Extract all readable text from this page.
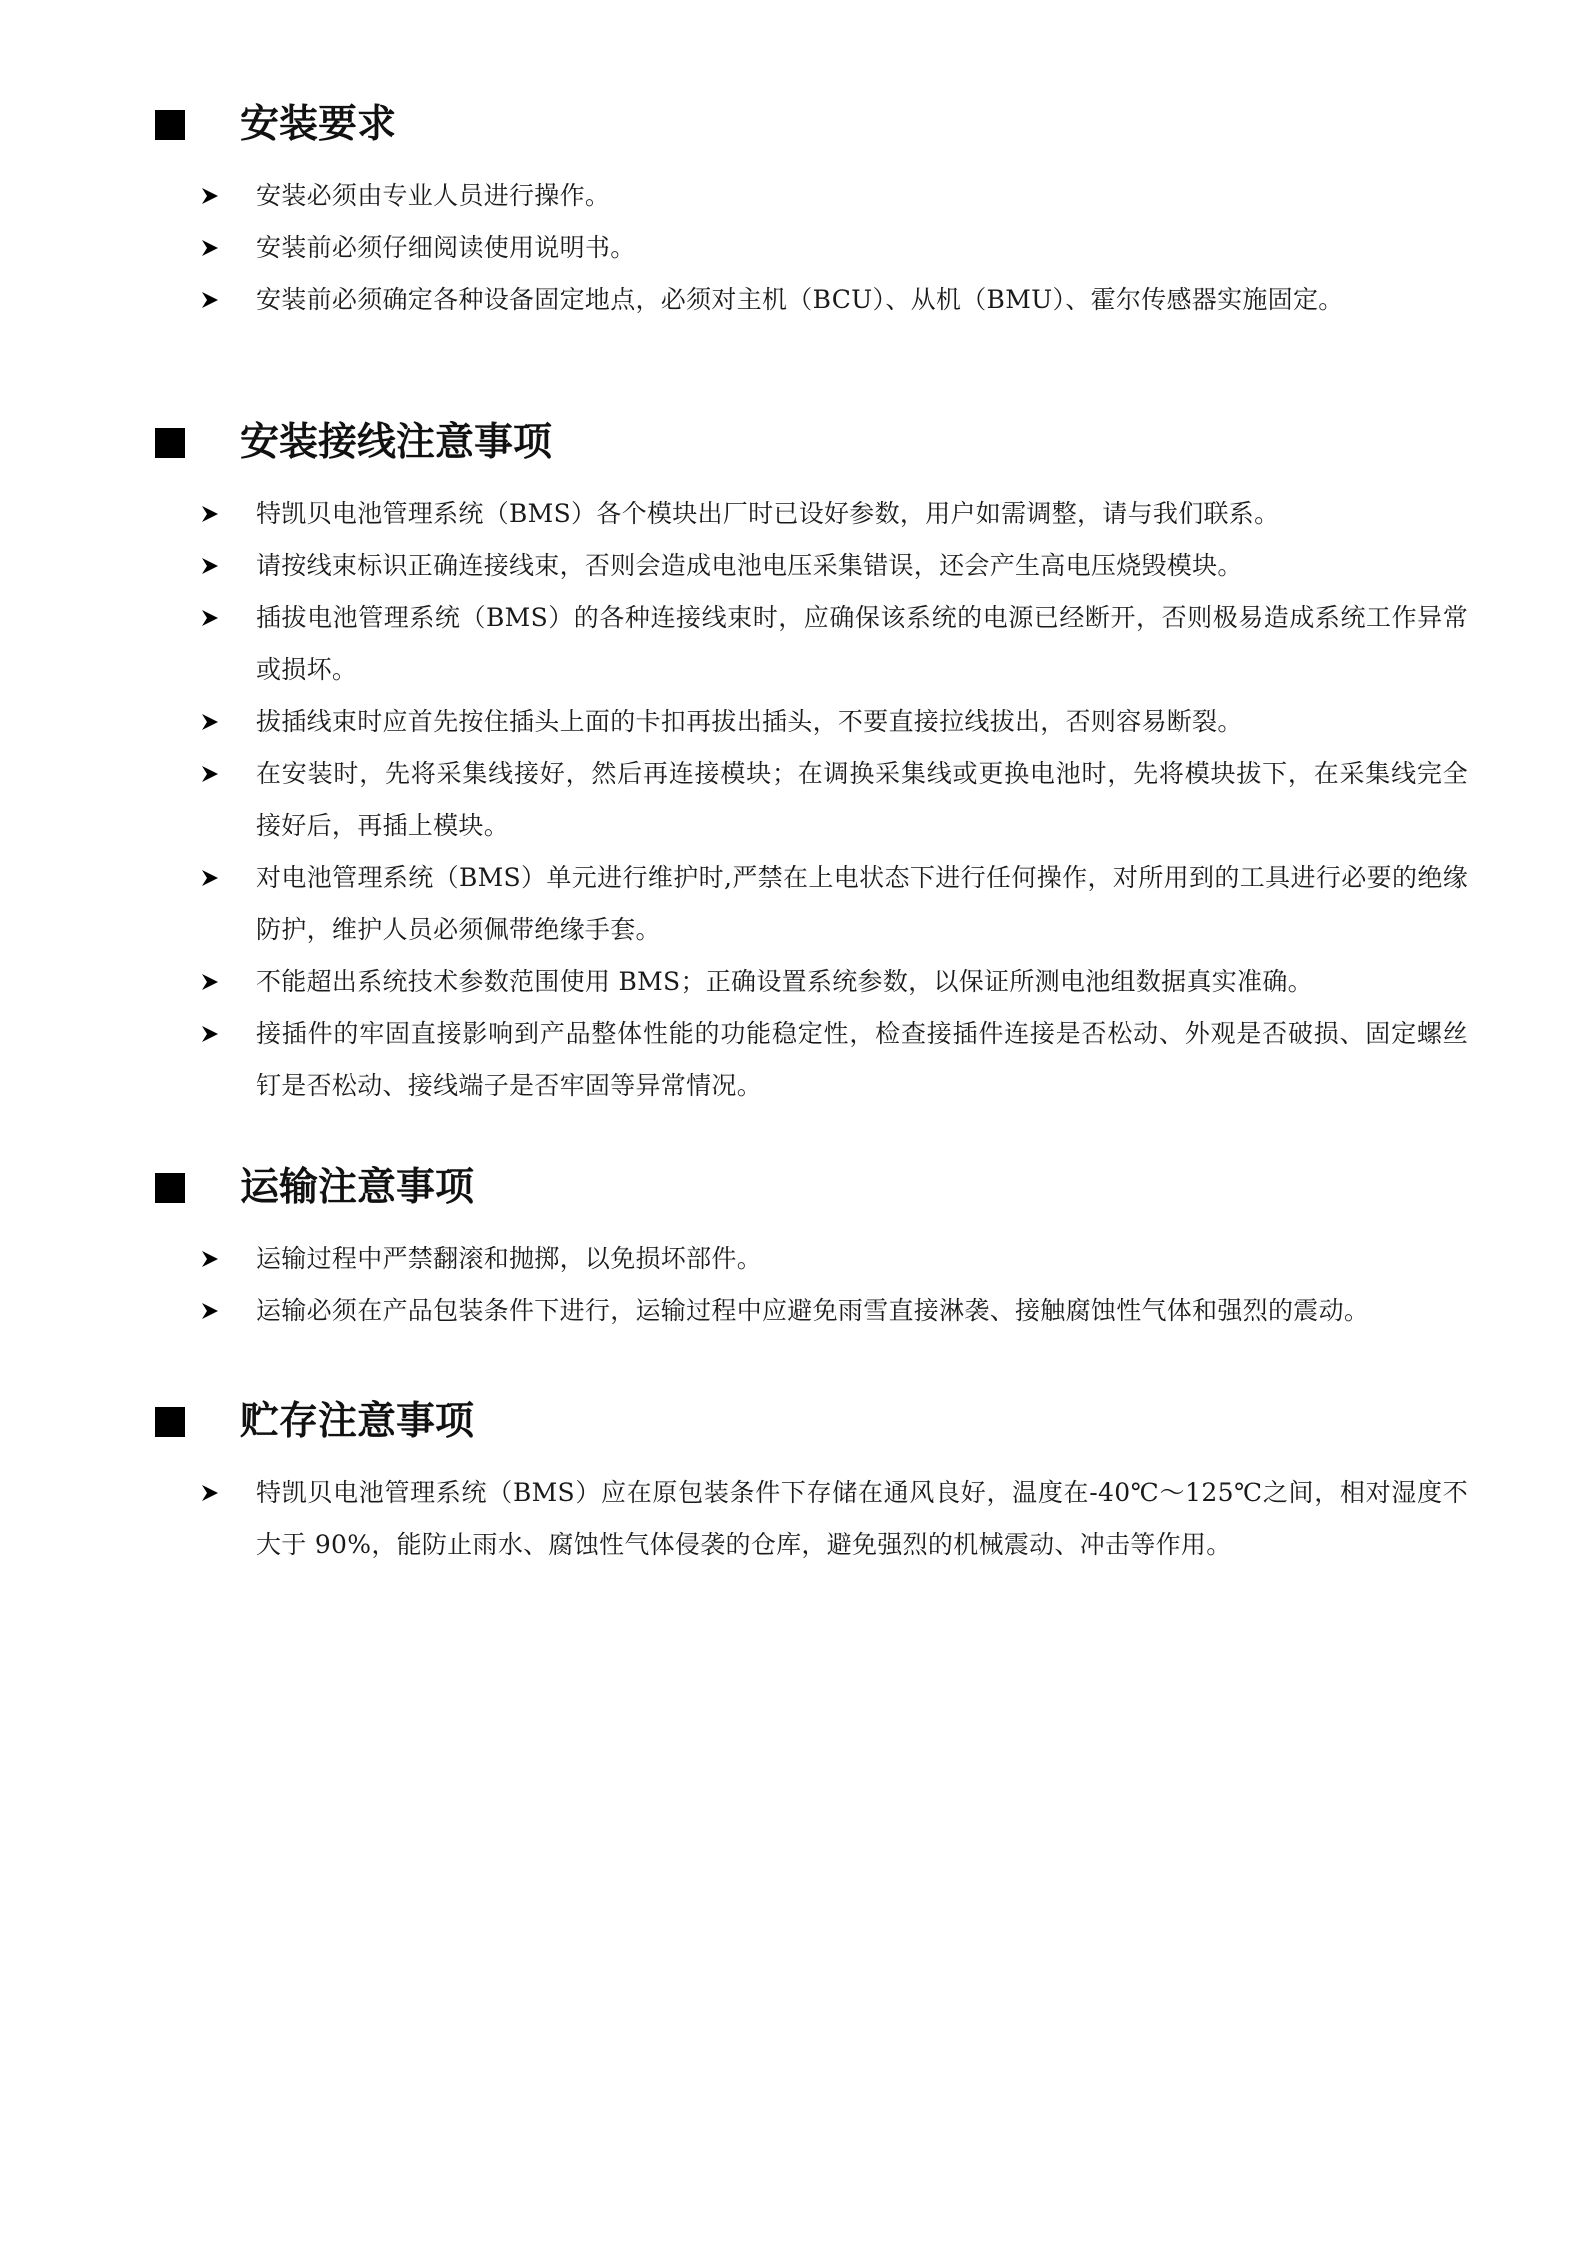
安装要求
安装必须由专业人员进行操作。
安装前必须仔细阅读使用说明书。
安装前必须确定各种设备固定地点，必须对主机（BCU）、从机（BMU）、霍尔传感器实施固定。
安装接线注意事项
特凯贝电池管理系统（BMS）各个模块出厂时已设好参数，用户如需调整，请与我们联系。
请按线束标识正确连接线束，否则会造成电池电压采集错误，还会产生高电压烧毁模块。
插拔电池管理系统（BMS）的各种连接线束时，应确保该系统的电源已经断开，否则极易造成系统工作异常或损坏。
拔插线束时应首先按住插头上面的卡扣再拔出插头，不要直接拉线拔出，否则容易断裂。
在安装时，先将采集线接好，然后再连接模块；在调换采集线或更换电池时，先将模块拔下，在采集线完全接好后，再插上模块。
对电池管理系统（BMS）单元进行维护时,严禁在上电状态下进行任何操作，对所用到的工具进行必要的绝缘防护，维护人员必须佩带绝缘手套。
不能超出系统技术参数范围使用 BMS；正确设置系统参数，以保证所测电池组数据真实准确。
接插件的牢固直接影响到产品整体性能的功能稳定性，检查接插件连接是否松动、外观是否破损、固定螺丝钉是否松动、接线端子是否牢固等异常情况。
运输注意事项
运输过程中严禁翻滚和抛掷，以免损坏部件。
运输必须在产品包装条件下进行，运输过程中应避免雨雪直接淋袭、接触腐蚀性气体和强烈的震动。
贮存注意事项
特凯贝电池管理系统（BMS）应在原包装条件下存储在通风良好，温度在-40℃～125℃之间，相对湿度不大于 90%，能防止雨水、腐蚀性气体侵袭的仓库，避免强烈的机械震动、冲击等作用。
